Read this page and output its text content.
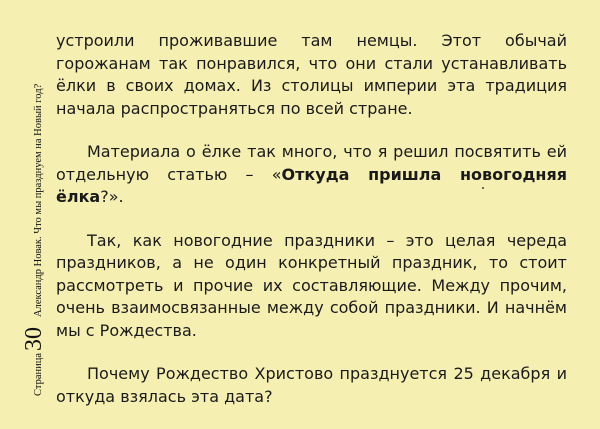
Страница
30
Александр Новак. Что мы празднуем на Новый год?

устроили проживавшие там немцы. Этот обычай горожанам так понравился, что они стали устанавливать ёлки в своих домах. Из столицы империи эта традиция начала распространяться по всей стране.

Материала о ёлке так много, что я решил посвятить ей отдельную статью – «Откуда пришла новогодняя ёлка?».

Так, как новогодние праздники – это целая череда праздников, а не один конкретный праздник, то стоит рассмотреть и прочие их составляющие. Между прочим, очень взаимосвязанные между собой праздники. И начнём мы с Рождества.

Почему Рождество Христово празднуется 25 декабря и откуда взялась эта дата?
